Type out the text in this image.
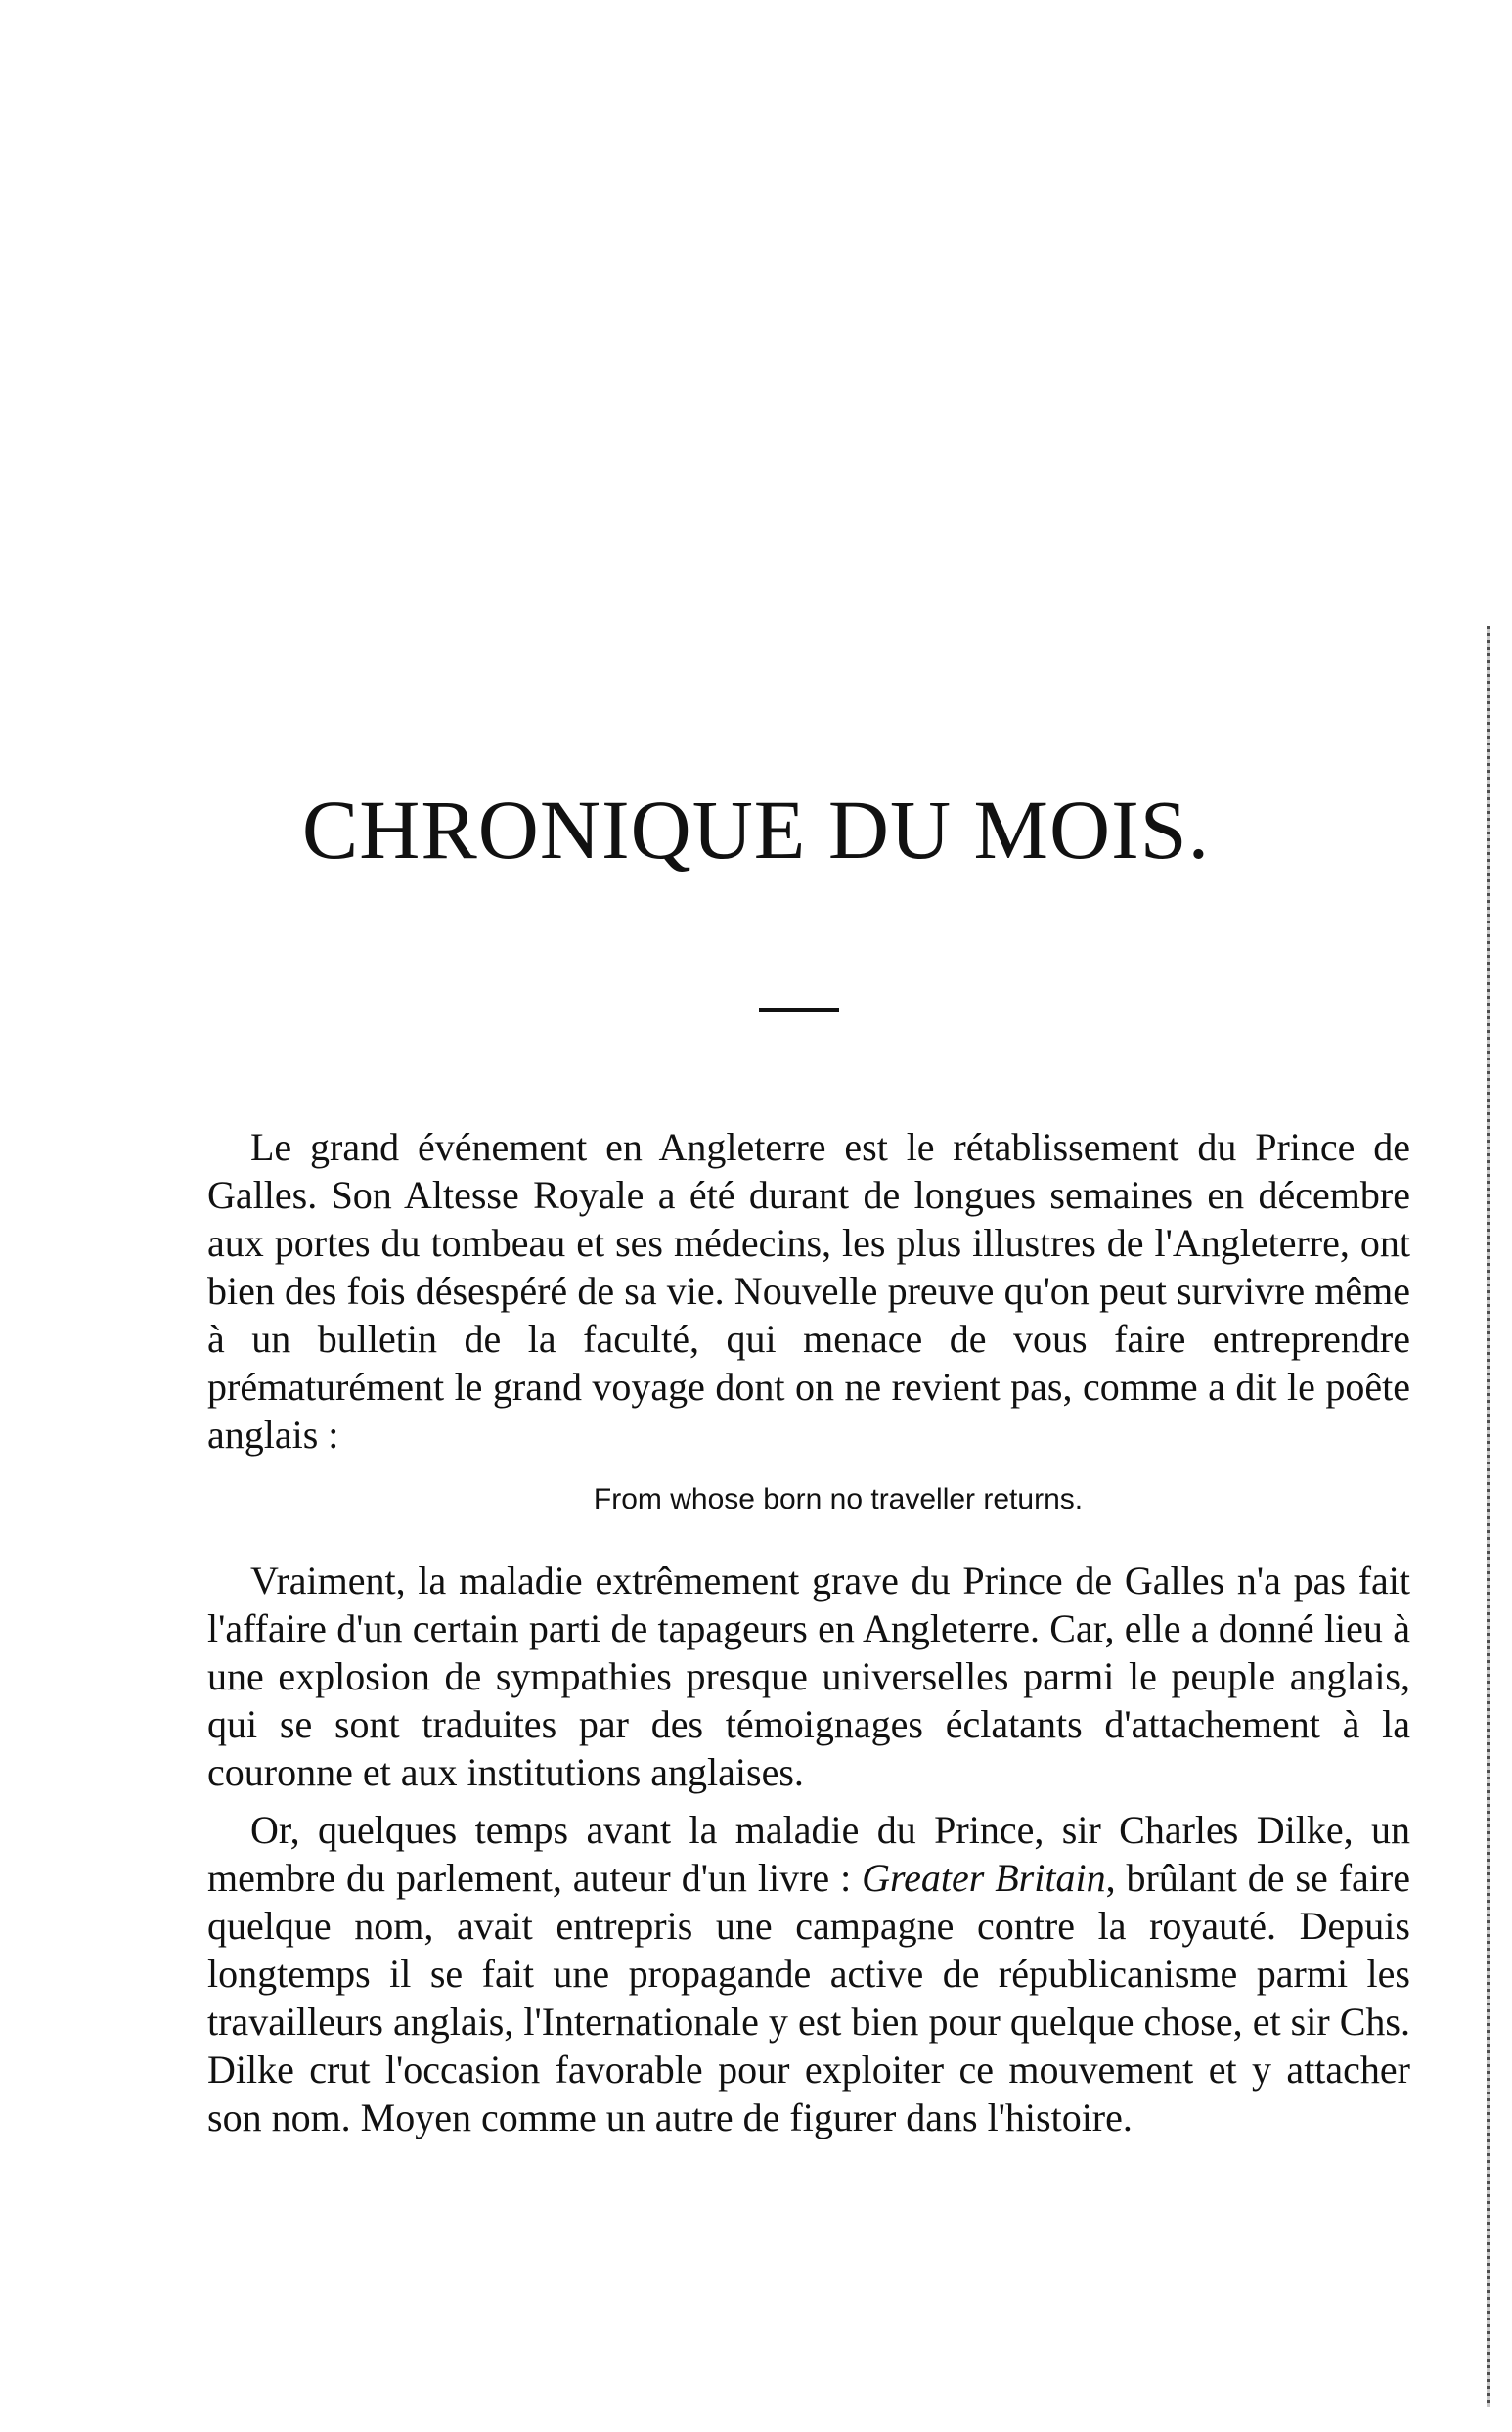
CHRONIQUE DU MOIS.

Le grand événement en Angleterre est le rétablissement du Prince de Galles. Son Altesse Royale a été durant de longues semaines en décembre aux portes du tombeau et ses médecins, les plus illustres de l'Angleterre, ont bien des fois désespéré de sa vie. Nouvelle preuve qu'on peut survivre même à un bulletin de la faculté, qui menace de vous faire entreprendre prématurément le grand voyage dont on ne revient pas, comme a dit le poête anglais :

From whose born no traveller returns.

Vraiment, la maladie extrêmement grave du Prince de Galles n'a pas fait l'affaire d'un certain parti de tapageurs en Angleterre. Car, elle a donné lieu à une explosion de sympathies presque universelles parmi le peuple anglais, qui se sont traduites par des témoignages éclatants d'attachement à la couronne et aux institutions anglaises.

Or, quelques temps avant la maladie du Prince, sir Charles Dilke, un membre du parlement, auteur d'un livre : Greater Britain, brûlant de se faire quelque nom, avait entrepris une campagne contre la royauté. Depuis longtemps il se fait une propagande active de républicanisme parmi les travailleurs anglais, l'Internationale y est bien pour quelque chose, et sir Chs. Dilke crut l'occasion favorable pour exploiter ce mouvement et y attacher son nom. Moyen comme un autre de figurer dans l'histoire.
